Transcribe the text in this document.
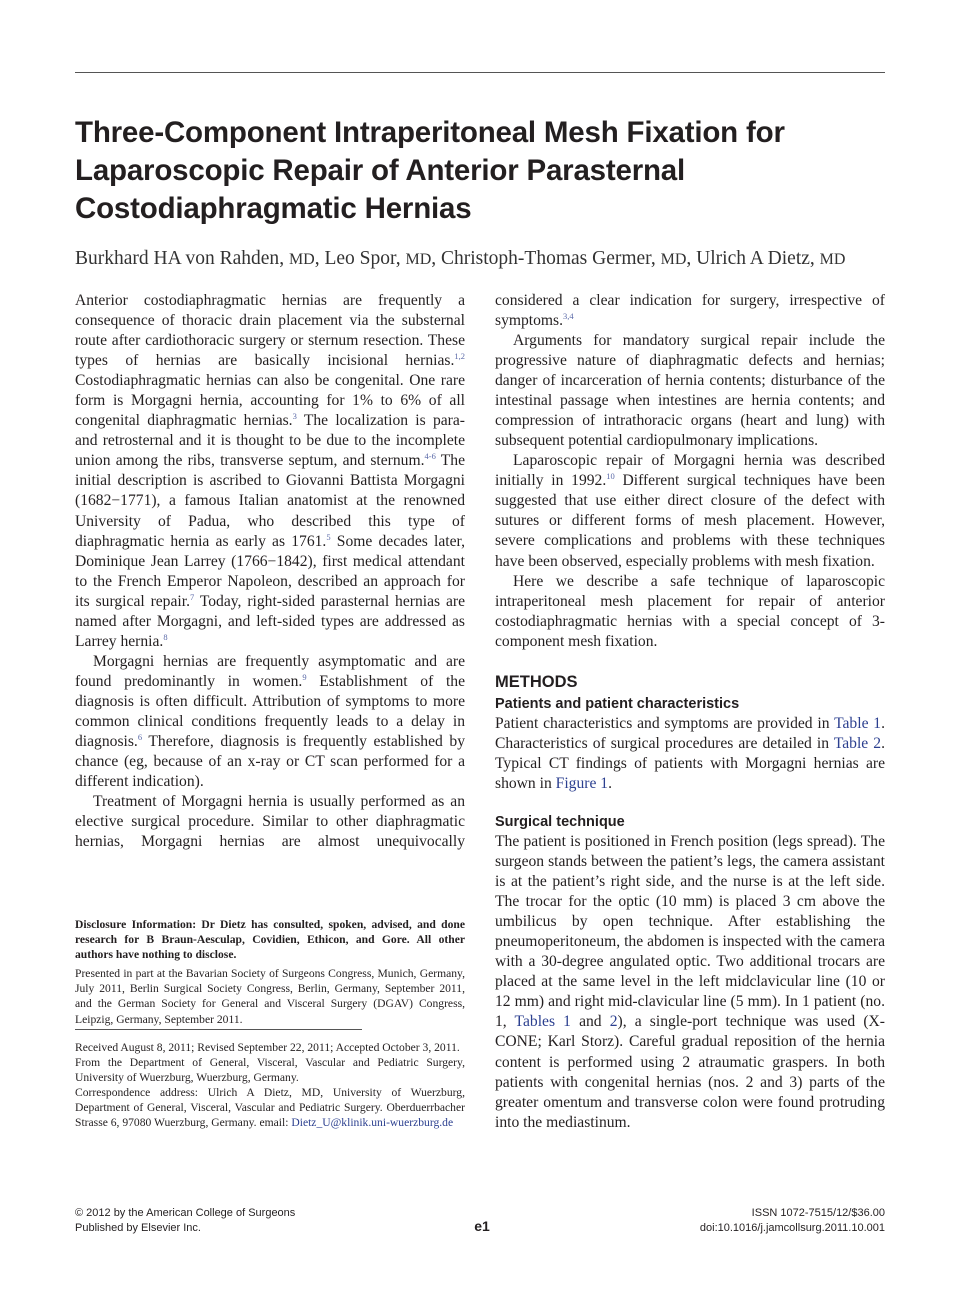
Three-Component Intraperitoneal Mesh Fixation for Laparoscopic Repair of Anterior Parasternal Costodiaphragmatic Hernias

Burkhard HA von Rahden, MD, Leo Spor, MD, Christoph-Thomas Germer, MD, Ulrich A Dietz, MD

Anterior costodiaphragmatic hernias are frequently a consequence of thoracic drain placement via the substernal route after cardiothoracic surgery or sternum resection. These types of hernias are basically incisional hernias.$^{1,2}$ Costodiaphragmatic hernias can also be congenital. One rare form is Morgagni hernia, accounting for 1% to 6% of all congenital diaphragmatic hernias.$^3$ The localization is para- and retrosternal and it is thought to be due to the incomplete union among the ribs, transverse septum, and sternum.$^{4-6}$ The initial description is ascribed to Giovanni Battista Morgagni (1682−1771), a famous Italian anatomist at the renowned University of Padua, who described this type of diaphragmatic hernia as early as 1761.$^5$ Some decades later, Dominique Jean Larrey (1766−1842), first medical attendant to the French Emperor Napoleon, described an approach for its surgical repair.$^7$ Today, right-sided parasternal hernias are named after Morgagni, and left-sided types are addressed as Larrey hernia.$^8$

Morgagni hernias are frequently asymptomatic and are found predominantly in women.$^9$ Establishment of the diagnosis is often difficult. Attribution of symptoms to more common clinical conditions frequently leads to a delay in diagnosis.$^6$ Therefore, diagnosis is frequently established by chance (eg, because of an x-ray or CT scan performed for a different indication).

Treatment of Morgagni hernia is usually performed as an elective surgical procedure. Similar to other diaphragmatic hernias, Morgagni hernias are almost unequivocally

considered a clear indication for surgery, irrespective of symptoms.$^{3,4}$

Arguments for mandatory surgical repair include the progressive nature of diaphragmatic defects and hernias; danger of incarceration of hernia contents; disturbance of the intestinal passage when intestines are hernia contents; and compression of intrathoracic organs (heart and lung) with subsequent potential cardiopulmonary implications.

Laparoscopic repair of Morgagni hernia was described initially in 1992.10 Different surgical techniques have been suggested that use either direct closure of the defect with sutures or different forms of mesh placement. However, severe complications and problems with these techniques have been observed, especially problems with mesh fixation.

Here we describe a safe technique of laparoscopic intraperitoneal mesh placement for repair of anterior costodiaphragmatic hernias with a special concept of 3-component mesh fixation.

METHODS

Patients and patient characteristics

Patient characteristics and symptoms are provided in Table 1. Characteristics of surgical procedures are detailed in Table 2. Typical CT findings of patients with Morgagni hernias are shown in Figure 1.

Surgical technique

The patient is positioned in French position (legs spread). The surgeon stands between the patient’s legs, the camera assistant is at the patient’s right side, and the nurse is at the left side. The trocar for the optic (10 mm) is placed 3 cm above the umbilicus by open technique. After establishing the pneumoperitoneum, the abdomen is inspected with the camera with a 30-degree angulated optic. Two additional trocars are placed at the same level in the left midclavicular line (10 or 12 mm) and right mid-clavicular line (5 mm). In 1 patient (no. 1, Tables 1 and 2), a single-port technique was used (X-CONE; Karl Storz). Careful gradual reposition of the hernia content is performed using 2 atraumatic graspers. In both patients with congenital hernias (nos. 2 and 3) parts of the greater omentum and transverse colon were found protruding into the mediastinum.

Disclosure Information: Dr Dietz has consulted, spoken, advised, and done research for B Braun-Aesculap, Covidien, Ethicon, and Gore. All other authors have nothing to disclose.

Presented in part at the Bavarian Society of Surgeons Congress, Munich, Germany, July 2011, Berlin Surgical Society Congress, Berlin, Germany, September 2011, and the German Society for General and Visceral Surgery (DGAV) Congress, Leipzig, Germany, September 2011.

Received August 8, 2011; Revised September 22, 2011; Accepted October 3, 2011.

From the Department of General, Visceral, Vascular and Pediatric Surgery, University of Wuerzburg, Wuerzburg, Germany.

Correspondence address: Ulrich A Dietz, MD, University of Wuerzburg, Department of General, Visceral, Vascular and Pediatric Surgery. Oberduerrbacher Strasse 6, 97080 Wuerzburg, Germany. email: Dietz_U@klinik.uni-wuerzburg.de

© 2012 by the American College of Surgeons
Published by Elsevier Inc.	e1
ISSN 1072-7515/12/$36.00
doi:10.1016/j.jamcollsurg.2011.10.001
